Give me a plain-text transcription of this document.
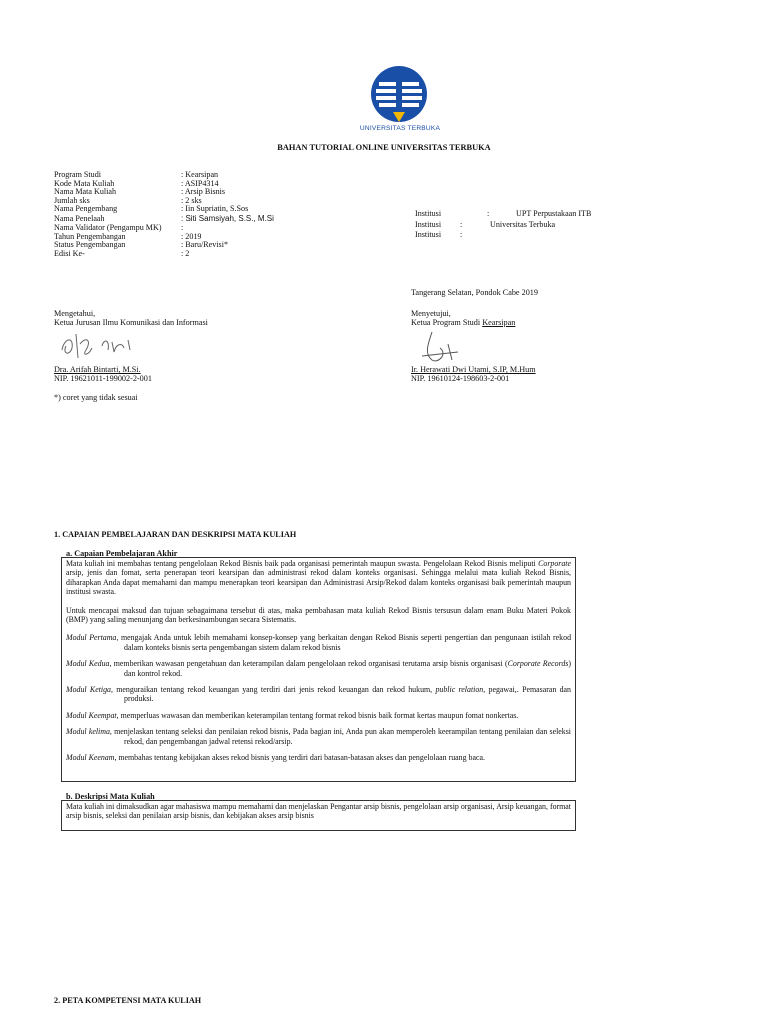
UNIVERSITAS TERBUKA
BAHAN TUTORIAL ONLINE UNIVERSITAS TERBUKA
Program Studi	: Kearsipan
Kode Mata Kuliah	: ASIP4314
Nama Mata Kuliah	: Arsip Bisnis
Jumlah sks	: 2 sks
Nama Pengembang	: Iin Supriatin, S.Sos
Nama Penelaah	: Siti Samsiyah, S.S., M.Si
Nama Validator (Pengampu MK) :
Tahun Pengembangan	: 2019
Status Pengembangan	: Baru/Revisi*
Edisi Ke-	: 2
Institusi	:	UPT Perpustakaan ITB
Institusi :	Universitas Terbuka
Institusi :
Tangerang Selatan, Pondok Cabe 2019
Mengetahui,
Ketua Jurusan Ilmu Komunikasi dan Informasi
Dra. Arifah Bintarti, M.Si.
NIP. 19621011-199002-2-001
Menyetujui,
Ketua Program Studi Kearsipan
Ir. Herawati Dwi Utami, S.IP, M.Hum
NIP. 19610124-198603-2-001
*) coret yang tidak sesuai
1. CAPAIAN PEMBELAJARAN DAN DESKRIPSI MATA KULIAH
a. Capaian Pembelajaran Akhir

Mata kuliah ini membahas tentang pengelolaan Rekod Bisnis baik pada organisasi pemerintah maupun swasta. Pengelolaan Rekod Bisnis meliputi Corporate arsip, jenis dan fomat, serta penerapan teori kearsipan dan administrasi rekod dalam konteks organisasi. Sehingga melalui mata kuliah Rekod Bisnis, diharapkan Anda dapat memahami dan mampu menerapkan teori kearsipan dan Administrasi Arsip/Rekod dalam konteks organisasi baik pemerintah maupun institusi swasta.

Untuk mencapai maksud dan tujuan sebagaimana tersebut di atas, maka pembahasan mata kuliah Rekod Bisnis tersusun dalam enam Buku Materi Pokok (BMP) yang saling menunjang dan berkesinambungan secara Sistematis.

Modul Pertama, mengajak Anda untuk lebih memahami konsep-konsep yang berkaitan dengan Rekod Bisnis seperti pengertian dan pengunaan istilah rekod dalam konteks bisnis serta pengembangan sistem dalam rekod bisnis

Modul Kedua, memberikan wawasan pengetahuan dan keterampilan dalam pengelolaan rekod organisasi terutama arsip bisnis organisasi (Corporate Records) dan kontrol rekod.

Modul Ketiga, menguraikan tentang rekod keuangan yang terdiri dari jenis rekod keuangan dan rekod hukum, public relation, pegawai,. Pemasaran dan produksi.

Modul Keempat, memperluas wawasan dan memberikan keterampilan tentang format rekod bisnis baik format kertas maupun fomat nonkertas.

Modul kelima, menjelaskan tentang seleksi dan penilaian rekod bisnis, Pada bagian ini, Anda pun akan memperoleh keerampilan tentang penilaian dan seleksi rekod, dan pengembangan jadwal retensi rekod/arsip.

Modul Keenam, membahas tentang kebijakan akses rekod bisnis yang terdiri dari batasan-batasan akses dan pengelolaan ruang baca.

b. Deskripsi Mata Kuliah

Mata kuliah ini dimaksudkan agar mahasiswa mampu memahami dan menjelaskan Pengantar arsip bisnis, pengelolaan arsip organisasi, Arsip keuangan, format arsip bisnis, seleksi dan penilaian arsip bisnis, dan kebijakan akses arsip bisnis

2. PETA KOMPETENSI MATA KULIAH
